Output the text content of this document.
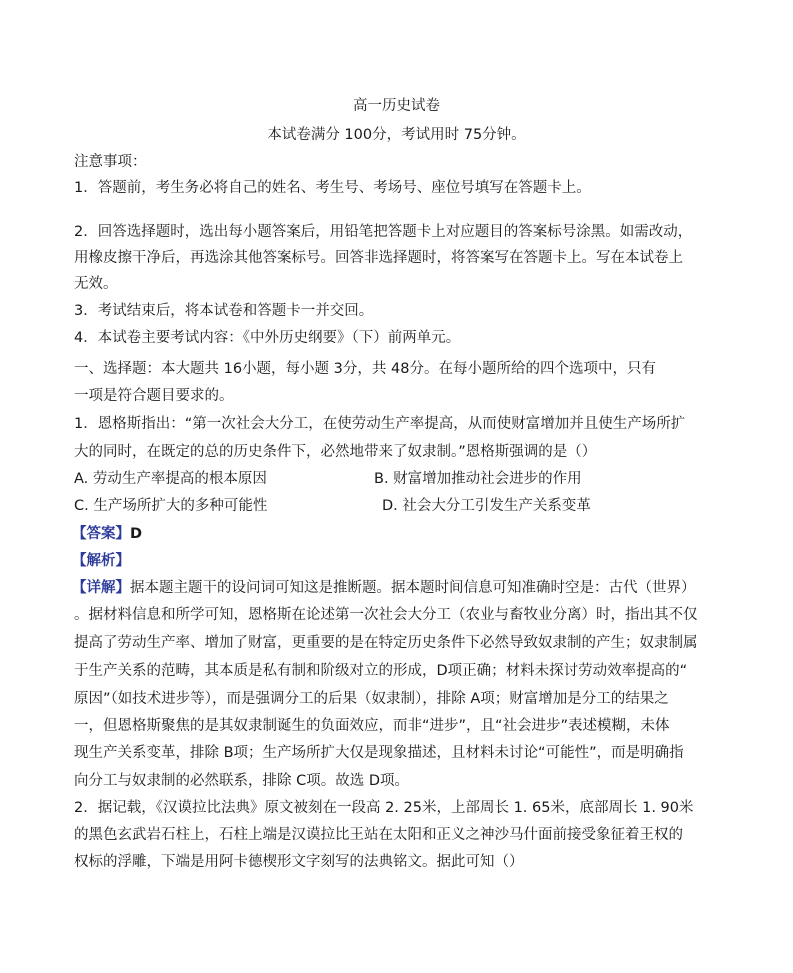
高一历史试卷
本试卷满分 100分，考试用时 75分钟。
注意事项：
1．答题前，考生务必将自己的姓名、考生号、考场号、座位号填写在答题卡上。
2．回答选择题时，选出每小题答案后，用铅笔把答题卡上对应题目的答案标号涂黑。如需改动，
用橡皮擦干净后，再选涂其他答案标号。回答非选择题时，将答案写在答题卡上。写在本试卷上
无效。
3．考试结束后，将本试卷和答题卡一并交回。
4．本试卷主要考试内容：《中外历史纲要》（下）前两单元。
一、选择题：本大题共 16小题，每小题 3分，共 48分。在每小题所给的四个选项中，只有
一项是符合题目要求的。
1．恩格斯指出：“第一次社会大分工，在使劳动生产率提高，从而使财富增加并且使生产场所扩
大的同时，在既定的总的历史条件下，必然地带来了奴隶制。”恩格斯强调的是（）
A. 劳动生产率提高的根本原因	B. 财富增加推动社会进步的作用
C. 生产场所扩大的多种可能性	D. 社会大分工引发生产关系变革
【答案】D
【解析】
【详解】据本题主题干的设问词可知这是推断题。据本题时间信息可知准确时空是：古代（世界）
。据材料信息和所学可知，恩格斯在论述第一次社会大分工（农业与畜牧业分离）时，指出其不仅
提高了劳动生产率、增加了财富，更重要的是在特定历史条件下必然导致奴隶制的产生；奴隶制属
于生产关系的范畴，其本质是私有制和阶级对立的形成，D项正确；材料未探讨劳动效率提高的“
原因”（如技术进步等），而是强调分工的后果（奴隶制），排除 A项；财富增加是分工的结果之
一，但恩格斯聚焦的是其奴隶制诞生的负面效应，而非“进步”，且“社会进步”表述模糊，未体
现生产关系变革，排除 B项；生产场所扩大仅是现象描述，且材料未讨论“可能性”，而是明确指
向分工与奴隶制的必然联系，排除 C项。故选 D项。
2．据记载，《汉谟拉比法典》原文被刻在一段高 2. 25米，上部周长 1. 65米，底部周长 1. 90米
的黑色玄武岩石柱上，石柱上端是汉谟拉比王站在太阳和正义之神沙马什面前接受象征着王权的
权标的浮雕，下端是用阿卡德楔形文字刻写的法典铭文。据此可知（）
